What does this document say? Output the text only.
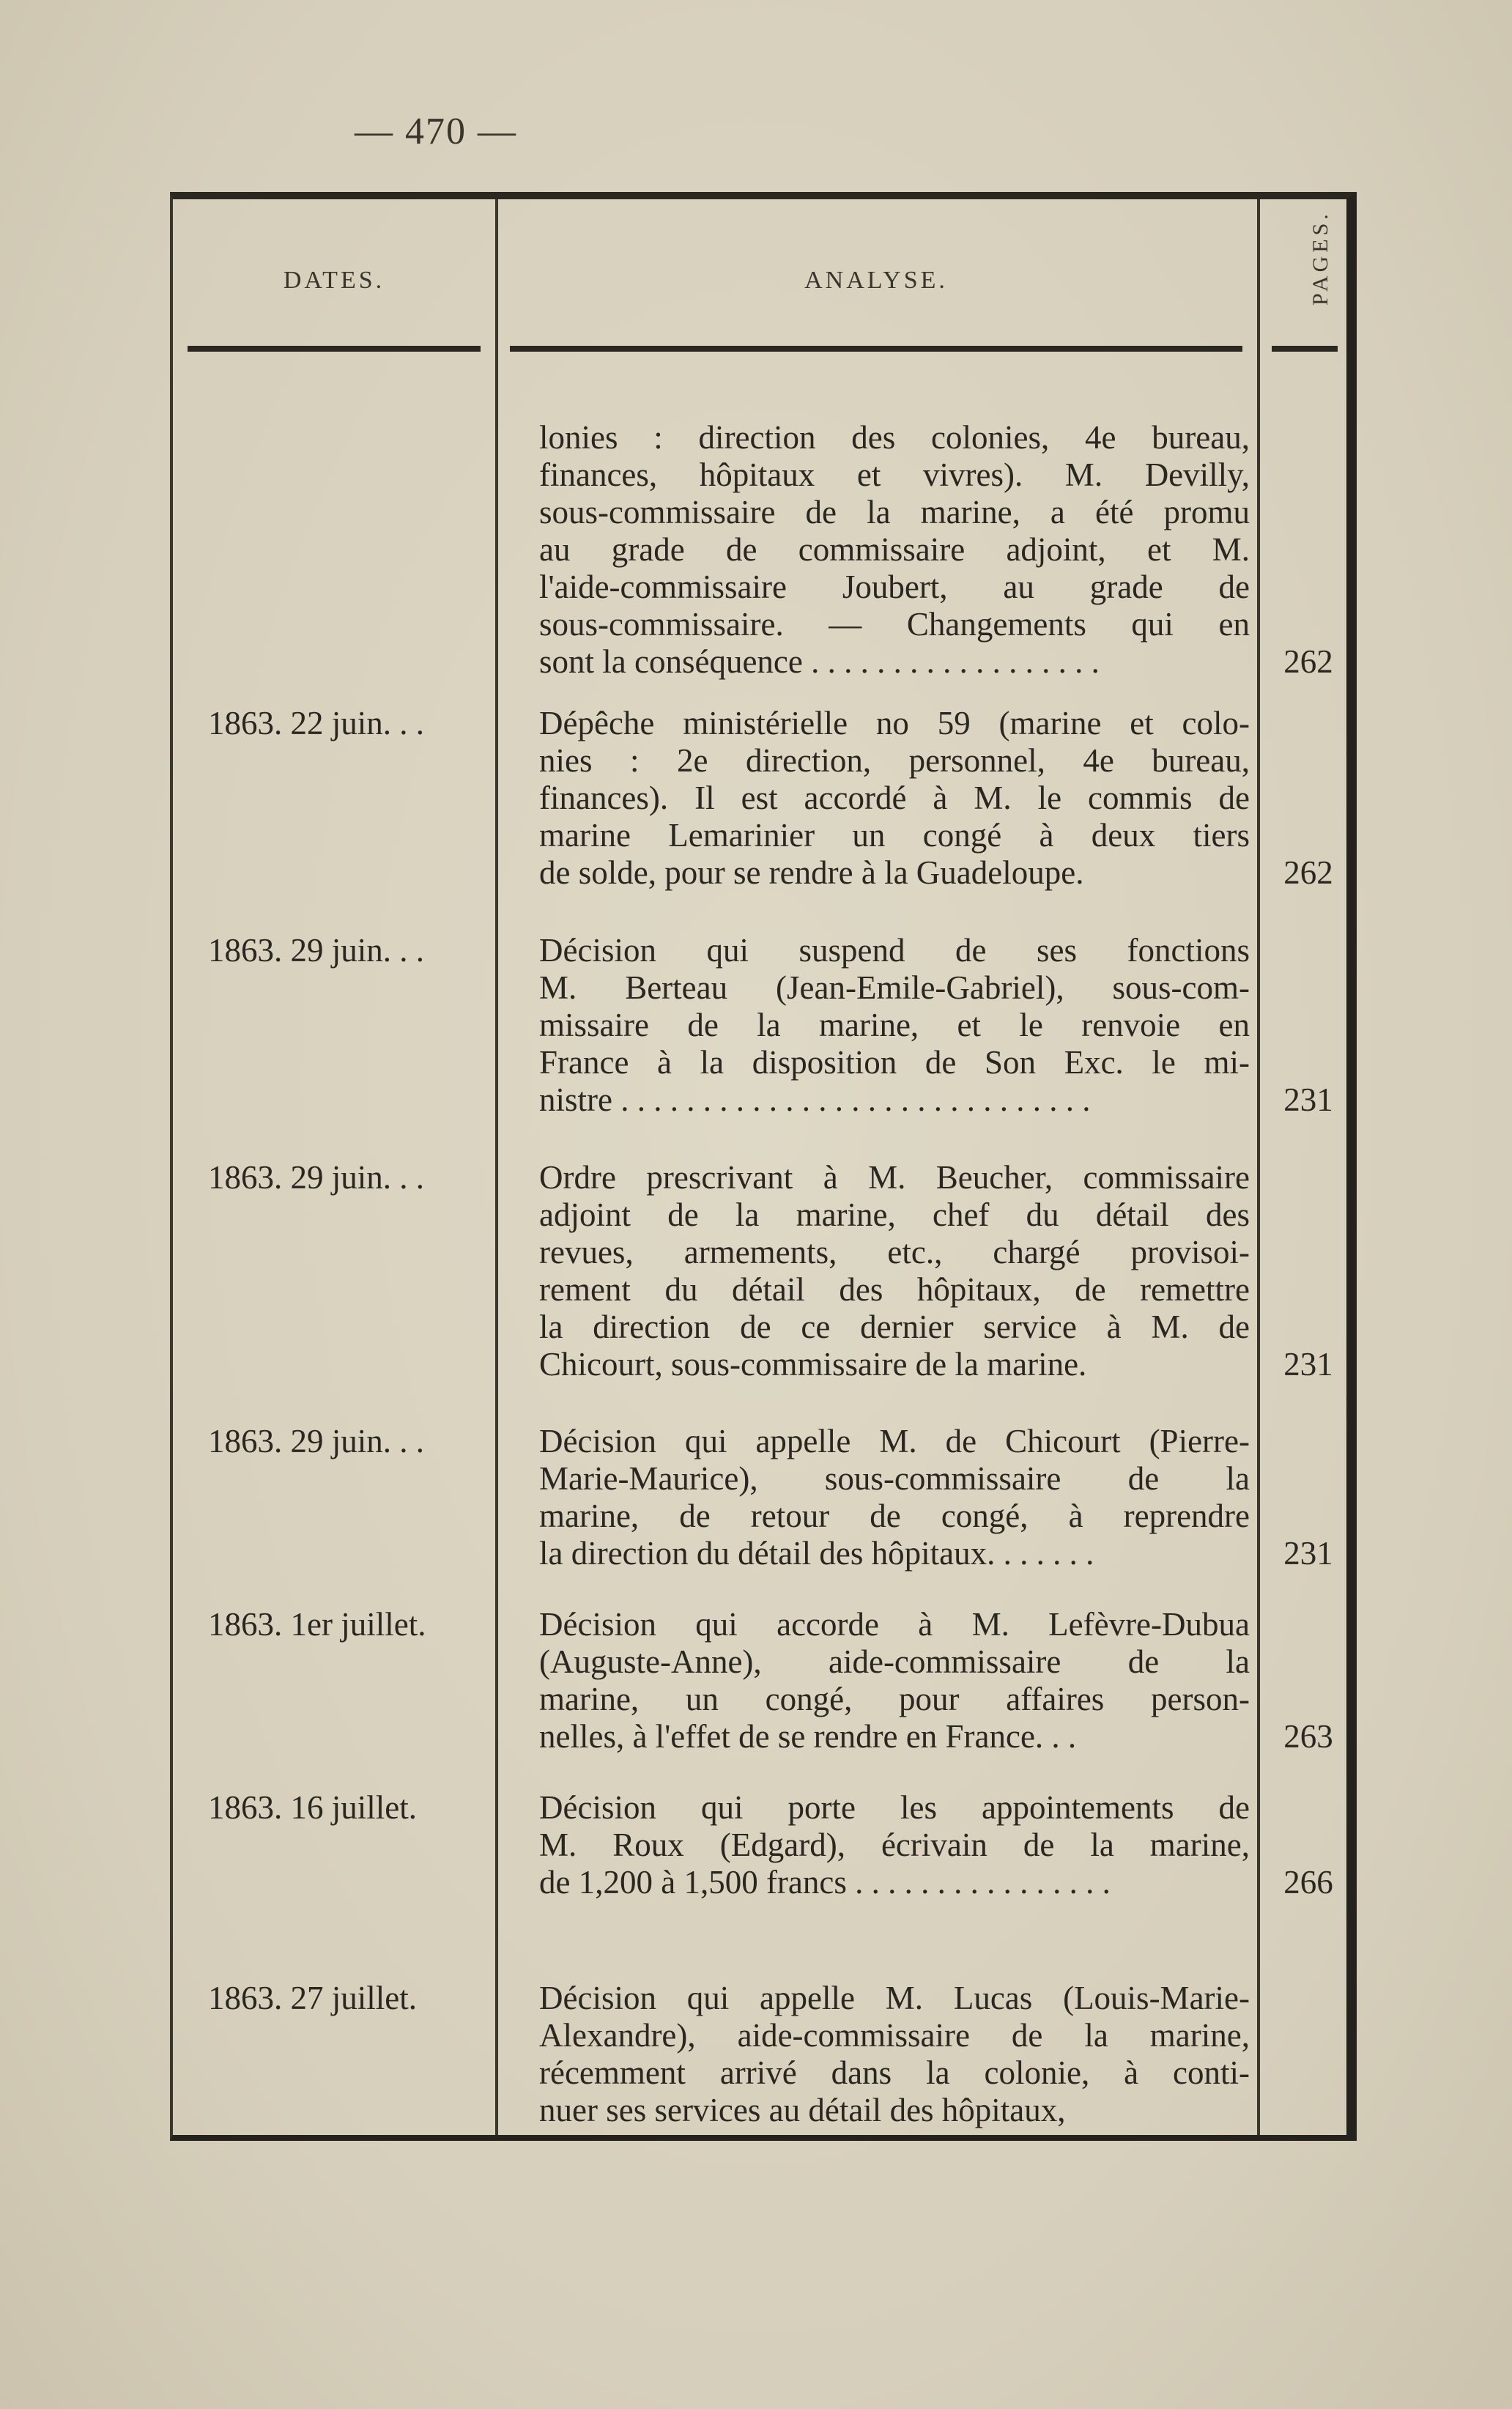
— 470 —
DATES.	ANALYSE.	PAGES.
lonies : direction des colonies, 4e bureau,
finances, hôpitaux et vivres). M. Devilly,
sous-commissaire de la marine, a été promu
au grade de commissaire adjoint, et M.
l'aide-commissaire Joubert, au grade de
sous-commissaire. — Changements qui en
sont la conséquence . . . . . . . . . . . . . . . . . .	262
1863. 22 juin. . .	Dépêche ministérielle no 59 (marine et colo-
nies : 2e direction, personnel, 4e bureau,
finances). Il est accordé à M. le commis de
marine Lemarinier un congé à deux tiers
de solde, pour se rendre à la Guadeloupe.	262
1863. 29 juin. . .	Décision qui suspend de ses fonctions
M. Berteau (Jean-Emile-Gabriel), sous-com-
missaire de la marine, et le renvoie en
France à la disposition de Son Exc. le mi-
nistre . . . . . . . . . . . . . . . . . . . . . . . . . . . . .	231
1863. 29 juin. . .	Ordre prescrivant à M. Beucher, commissaire
adjoint de la marine, chef du détail des
revues, armements, etc., chargé provisoi-
rement du détail des hôpitaux, de remettre
la direction de ce dernier service à M. de
Chicourt, sous-commissaire de la marine.	231
1863. 29 juin. . .	Décision qui appelle M. de Chicourt (Pierre-
Marie-Maurice), sous-commissaire de la
marine, de retour de congé, à reprendre
la direction du détail des hôpitaux. . . . . . .	231
1863. 1er juillet.	Décision qui accorde à M. Lefèvre-Dubua
(Auguste-Anne), aide-commissaire de la
marine, un congé, pour affaires person-
nelles, à l'effet de se rendre en France. . .	263
1863. 16 juillet.	Décision qui porte les appointements de
M. Roux (Edgard), écrivain de la marine,
de 1,200 à 1,500 francs . . . . . . . . . . . . . . . .	266
1863. 27 juillet.	Décision qui appelle M. Lucas (Louis-Marie-
Alexandre), aide-commissaire de la marine,
récemment arrivé dans la colonie, à conti-
nuer ses services au détail des hôpitaux,
